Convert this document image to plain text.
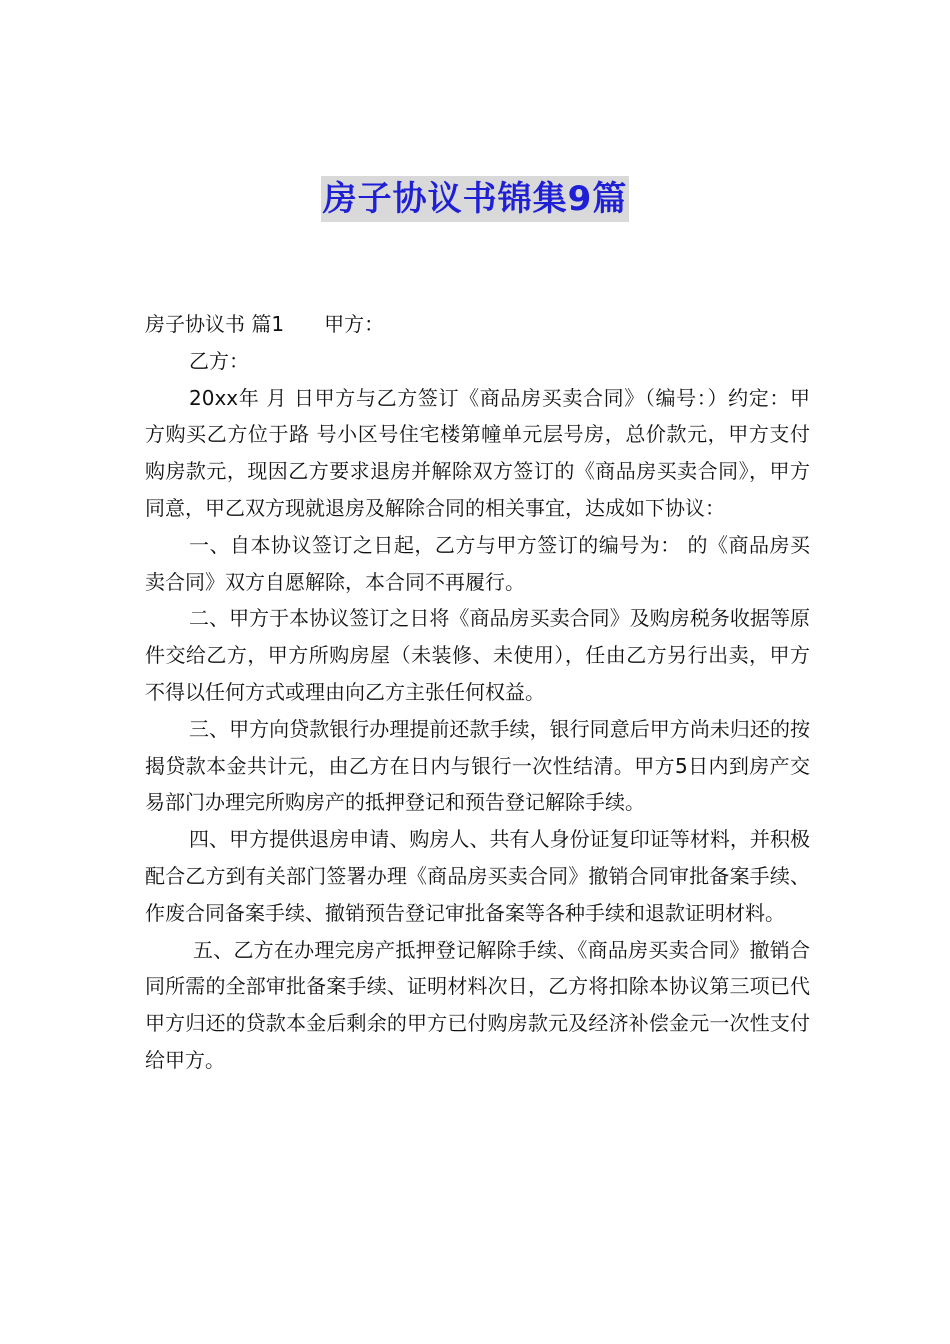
房子协议书锦集9篇

房子协议书 篇1 甲方：

乙方：

20xx年 月 日甲方与乙方签订《商品房买卖合同》（编号：）约定：甲方购买乙方位于路 号小区号住宅楼第幢单元层号房，总价款元，甲方支付购房款元，现因乙方要求退房并解除双方签订的《商品房买卖合同》，甲方同意，甲乙双方现就退房及解除合同的相关事宜，达成如下协议：

一、自本协议签订之日起，乙方与甲方签订的编号为： 的《商品房买卖合同》双方自愿解除，本合同不再履行。

二、甲方于本协议签订之日将《商品房买卖合同》及购房税务收据等原件交给乙方，甲方所购房屋（未装修、未使用），任由乙方另行出卖，甲方不得以任何方式或理由向乙方主张任何权益。

三、甲方向贷款银行办理提前还款手续，银行同意后甲方尚未归还的按揭贷款本金共计元，由乙方在日内与银行一次性结清。甲方5日内到房产交易部门办理完所购房产的抵押登记和预告登记解除手续。

四、甲方提供退房申请、购房人、共有人身份证复印证等材料，并积极配合乙方到有关部门签署办理《商品房买卖合同》撤销合同审批备案手续、作废合同备案手续、撤销预告登记审批备案等各种手续和退款证明材料。

五、乙方在办理完房产抵押登记解除手续、《商品房买卖合同》撤销合同所需的全部审批备案手续、证明材料次日，乙方将扣除本协议第三项已代甲方归还的贷款本金后剩余的甲方已付购房款元及经济补偿金元一次性支付给甲方。
